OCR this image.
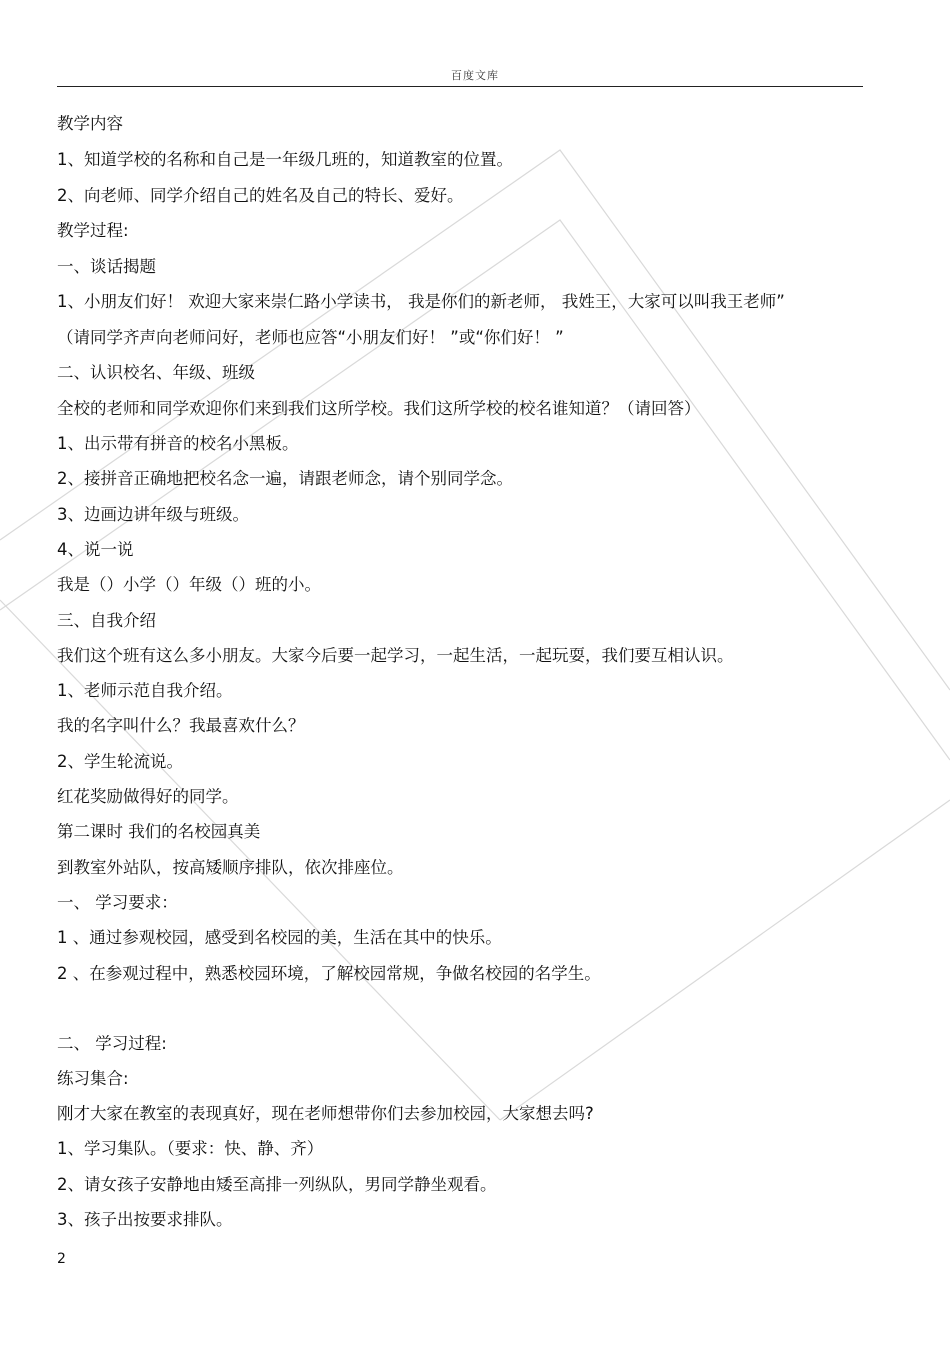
百度文库
教学内容
1、知道学校的名称和自己是一年级几班的，知道教室的位置。
2、向老师、同学介绍自己的姓名及自己的特长、爱好。
教学过程:
一、谈话揭题
1、小朋友们好！ 欢迎大家来崇仁路小学读书， 我是你们的新老师， 我姓王，大家可以叫我王老师”
（请同学齐声向老师问好，老师也应答“小朋友们好！ ”或“你们好！ ”
二、认识校名、年级、班级
全校的老师和同学欢迎你们来到我们这所学校。我们这所学校的校名谁知道？（请回答）
1、出示带有拼音的校名小黑板。
2、接拼音正确地把校名念一遍，请跟老师念，请个别同学念。
3、边画边讲年级与班级。
4、说一说
我是（）小学（）年级（）班的小。
三、自我介绍
我们这个班有这么多小朋友。大家今后要一起学习，一起生活，一起玩耍，我们要互相认识。
1、老师示范自我介绍。
我的名字叫什么？我最喜欢什么？
2、学生轮流说。
红花奖励做得好的同学。
第二课时 我们的名校园真美
到教室外站队，按高矮顺序排队，依次排座位。
一、 学习要求：
1 、通过参观校园，感受到名校园的美，生活在其中的快乐。
2 、在参观过程中，熟悉校园环境，了解校园常规，争做名校园的名学生。
二、 学习过程:
练习集合:
刚才大家在教室的表现真好，现在老师想带你们去参加校园，大家想去吗?
1、学习集队。（要求：快、静、齐）
2、请女孩子安静地由矮至高排一列纵队，男同学静坐观看。
3、孩子出按要求排队。
2
